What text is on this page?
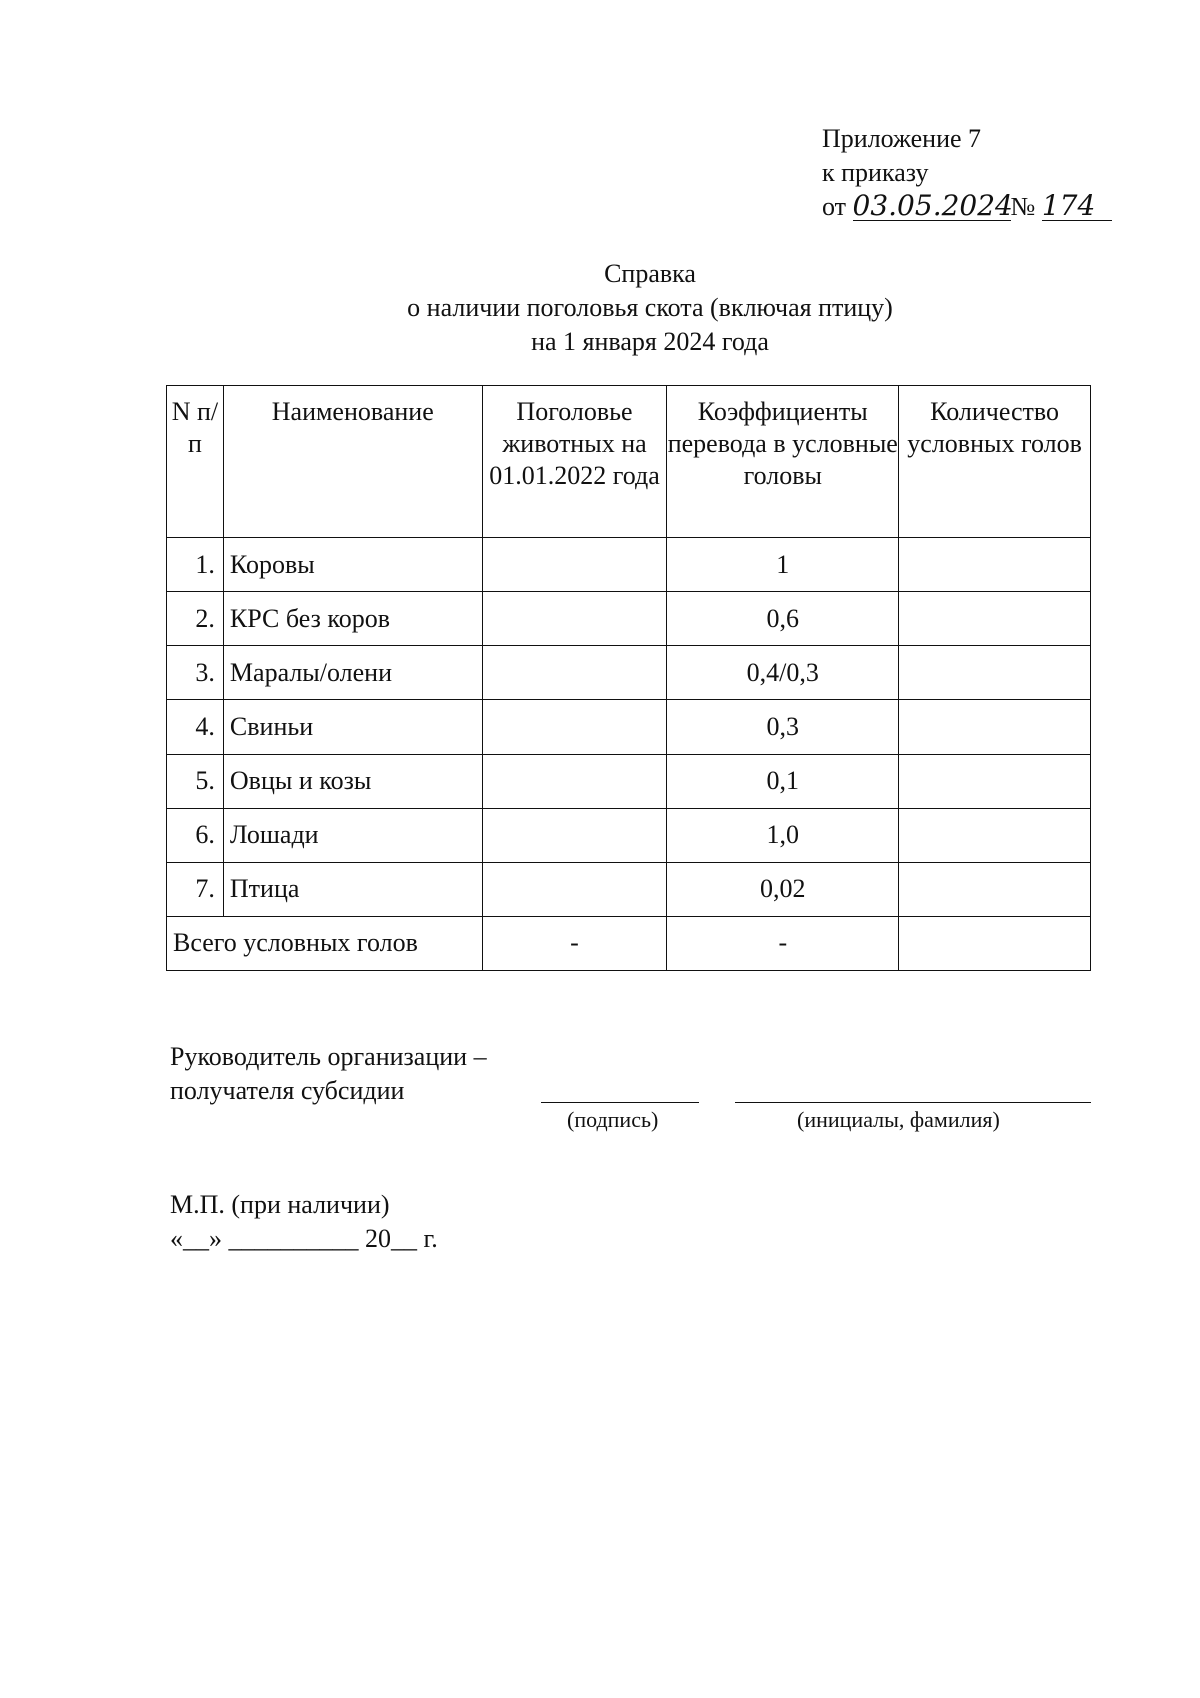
Приложение 7
к приказу
от 03.05.2024№ 174
Справка
о наличии поголовья скота (включая птицу)
на 1 января 2024 года
N п/п	Наименование	Поголовье животных на 01.01.2022 года	Коэффициенты перевода в условные головы	Количество условных голов
1.	Коровы		1	
2.	КРС без коров		0,6	
3.	Маралы/олени		0,4/0,3	
4.	Свиньи		0,3	
5.	Овцы и козы		0,1	
6.	Лошади		1,0	
7.	Птица		0,02	
Всего условных голов		-	-	
Руководитель организации –
получателя субсидии
(подпись)	(инициалы, фамилия)
М.П. (при наличии)
«__» __________ 20__ г.
